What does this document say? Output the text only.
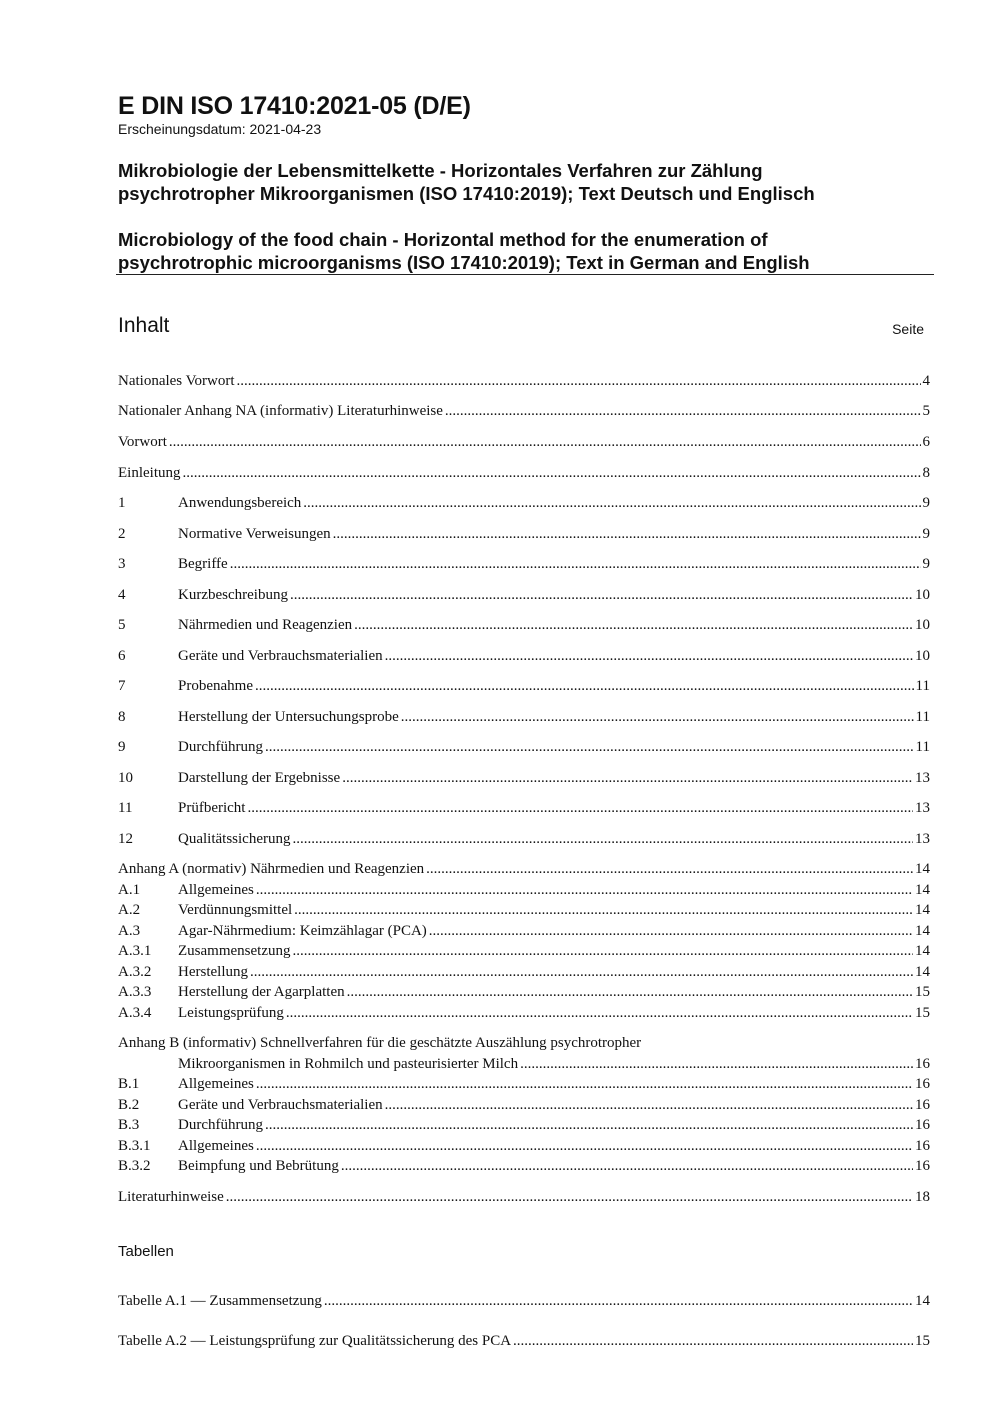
E DIN ISO 17410:2021-05 (D/E)
Erscheinungsdatum: 2021-04-23
Mikrobiologie der Lebensmittelkette - Horizontales Verfahren zur Zählung
psychrotropher Mikroorganismen (ISO 17410:2019); Text Deutsch und Englisch
Microbiology of the food chain - Horizontal method for the enumeration of
psychrotrophic microorganisms (ISO 17410:2019); Text in German and English
Inhalt	Seite
Nationales Vorwort .....	4
Nationaler Anhang NA (informativ) Literaturhinweise .....	5
Vorwort .....	6
Einleitung .....	8
1	Anwendungsbereich .....	9
2	Normative Verweisungen .....	9
3	Begriffe .....	9
4	Kurzbeschreibung .....	10
5	Nährmedien und Reagenzien .....	10
6	Geräte und Verbrauchsmaterialien .....	10
7	Probenahme .....	11
8	Herstellung der Untersuchungsprobe .....	11
9	Durchführung .....	11
10	Darstellung der Ergebnisse .....	13
11	Prüfbericht .....	13
12	Qualitätssicherung .....	13
Anhang A (normativ) Nährmedien und Reagenzien .....	14
A.1	Allgemeines .....	14
A.2	Verdünnungsmittel .....	14
A.3	Agar-Nährmedium: Keimzählagar (PCA) .....	14
A.3.1	Zusammensetzung .....	14
A.3.2	Herstellung .....	14
A.3.3	Herstellung der Agarplatten .....	15
A.3.4	Leistungsprüfung .....	15
Anhang B (informativ) Schnellverfahren für die geschätzte Auszählung psychrotropher
Mikroorganismen in Rohmilch und pasteurisierter Milch .....	16
B.1	Allgemeines .....	16
B.2	Geräte und Verbrauchsmaterialien .....	16
B.3	Durchführung .....	16
B.3.1	Allgemeines .....	16
B.3.2	Beimpfung und Bebrütung .....	16
Literaturhinweise .....	18
Tabellen
Tabelle A.1 — Zusammensetzung .....	14
Tabelle A.2 — Leistungsprüfung zur Qualitätssicherung des PCA .....	15
